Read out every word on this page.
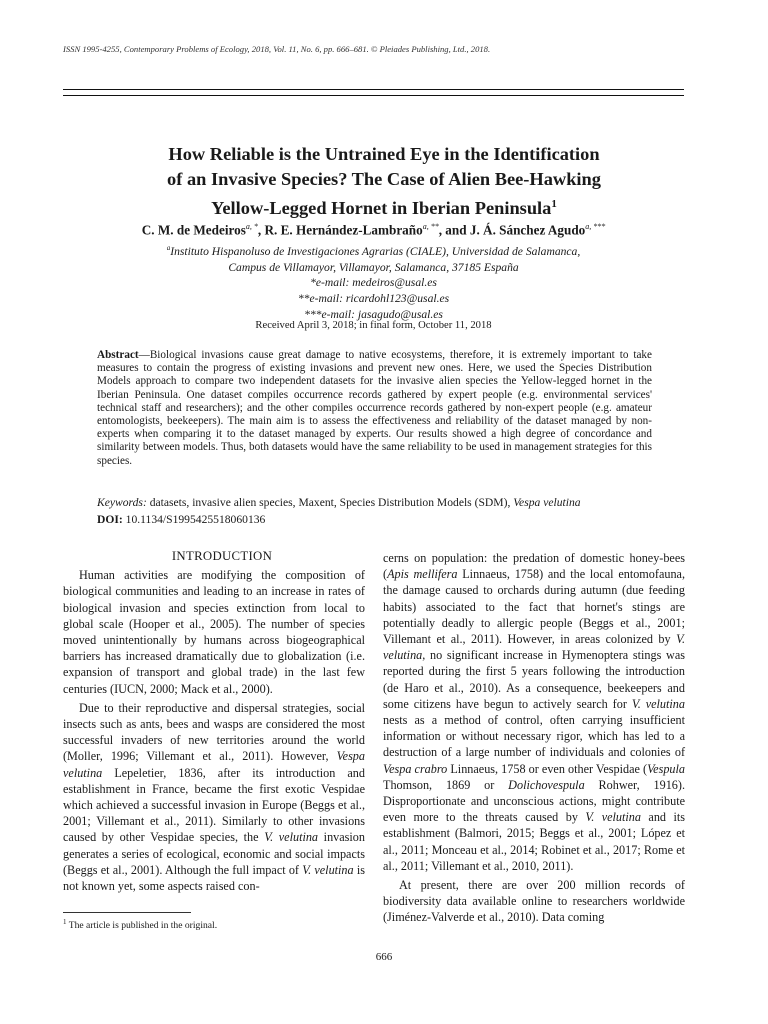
ISSN 1995-4255, Contemporary Problems of Ecology, 2018, Vol. 11, No. 6, pp. 666–681. © Pleiades Publishing, Ltd., 2018.
How Reliable is the Untrained Eye in the Identification
of an Invasive Species? The Case of Alien Bee-Hawking
Yellow-Legged Hornet in Iberian Peninsula$^1$
C. M. de Medeiros$^{a, *}$, R. E. Hernández-Lambraño$^{a, **}$, and J. Á. Sánchez Agudo$^{a, ***}$
$^a$Instituto Hispanoluso de Investigaciones Agrarias (CIALE), Universidad de Salamanca,
Campus de Villamayor, Villamayor, Salamanca, 37185 España
*e-mail: medeiros@usal.es
**e-mail: ricardohl123@usal.es
***e-mail: jasagudo@usal.es
Received April 3, 2018; in final form, October 11, 2018
Abstract—Biological invasions cause great damage to native ecosystems, therefore, it is extremely important to take measures to contain the progress of existing invasions and prevent new ones. Here, we used the Species Distribution Models approach to compare two independent datasets for the invasive alien species the Yellow-legged hornet in the Iberian Peninsula. One dataset compiles occurrence records gathered by expert people (e.g. environmental services' technical staff and researchers); and the other compiles occurrence records gathered by non-expert people (e.g. amateur entomologists, beekeepers). The main aim is to assess the effectiveness and reliability of the dataset managed by non-experts when comparing it to the dataset managed by experts. Our results showed a high degree of concordance and similarity between models. Thus, both datasets would have the same reliability to be used in management strategies for this species.
Keywords: datasets, invasive alien species, Maxent, Species Distribution Models (SDM), Vespa velutina
DOI: 10.1134/S1995425518060136

INTRODUCTION

Human activities are modifying the composition of biological communities and leading to an increase in rates of biological invasion and species extinction from local to global scale (Hooper et al., 2005). The number of species moved unintentionally by humans across biogeographical barriers has increased dramatically due to globalization (i.e. expansion of transport and global trade) in the last few centuries (IUCN, 2000; Mack et al., 2000).

Due to their reproductive and dispersal strategies, social insects such as ants, bees and wasps are considered the most successful invaders of new territories around the world (Moller, 1996; Villemant et al., 2011). However, Vespa velutina Lepeletier, 1836, after its introduction and establishment in France, became the first exotic Vespidae which achieved a successful invasion in Europe (Beggs et al., 2001; Villemant et al., 2011). Similarly to other invasions caused by other Vespidae species, the V. velutina invasion generates a series of ecological, economic and social impacts (Beggs et al., 2001). Although the full impact of V. velutina is not known yet, some aspects raised con-

cerns on population: the predation of domestic honey-bees (Apis mellifera Linnaeus, 1758) and the local entomofauna, the damage caused to orchards during autumn (due feeding habits) associated to the fact that hornet's stings are potentially deadly to allergic people (Beggs et al., 2001; Villemant et al., 2011). However, in areas colonized by V. velutina, no significant increase in Hymenoptera stings was reported during the first 5 years following the introduction (de Haro et al., 2010). As a consequence, beekeepers and some citizens have begun to actively search for V. velutina nests as a method of control, often carrying insufficient information or without necessary rigor, which has led to a destruction of a large number of individuals and colonies of Vespa crabro Linnaeus, 1758 or even other Vespidae (Vespula Thomson, 1869 or Dolichovespula Rohwer, 1916). Disproportionate and unconscious actions, might contribute even more to the threats caused by V. velutina and its establishment (Balmori, 2015; Beggs et al., 2001; López et al., 2011; Monceau et al., 2014; Robinet et al., 2017; Rome et al., 2011; Villemant et al., 2010, 2011).

At present, there are over 200 million records of biodiversity data available online to researchers worldwide (Jiménez-Valverde et al., 2010). Data coming

$^1$ The article is published in the original.
666
